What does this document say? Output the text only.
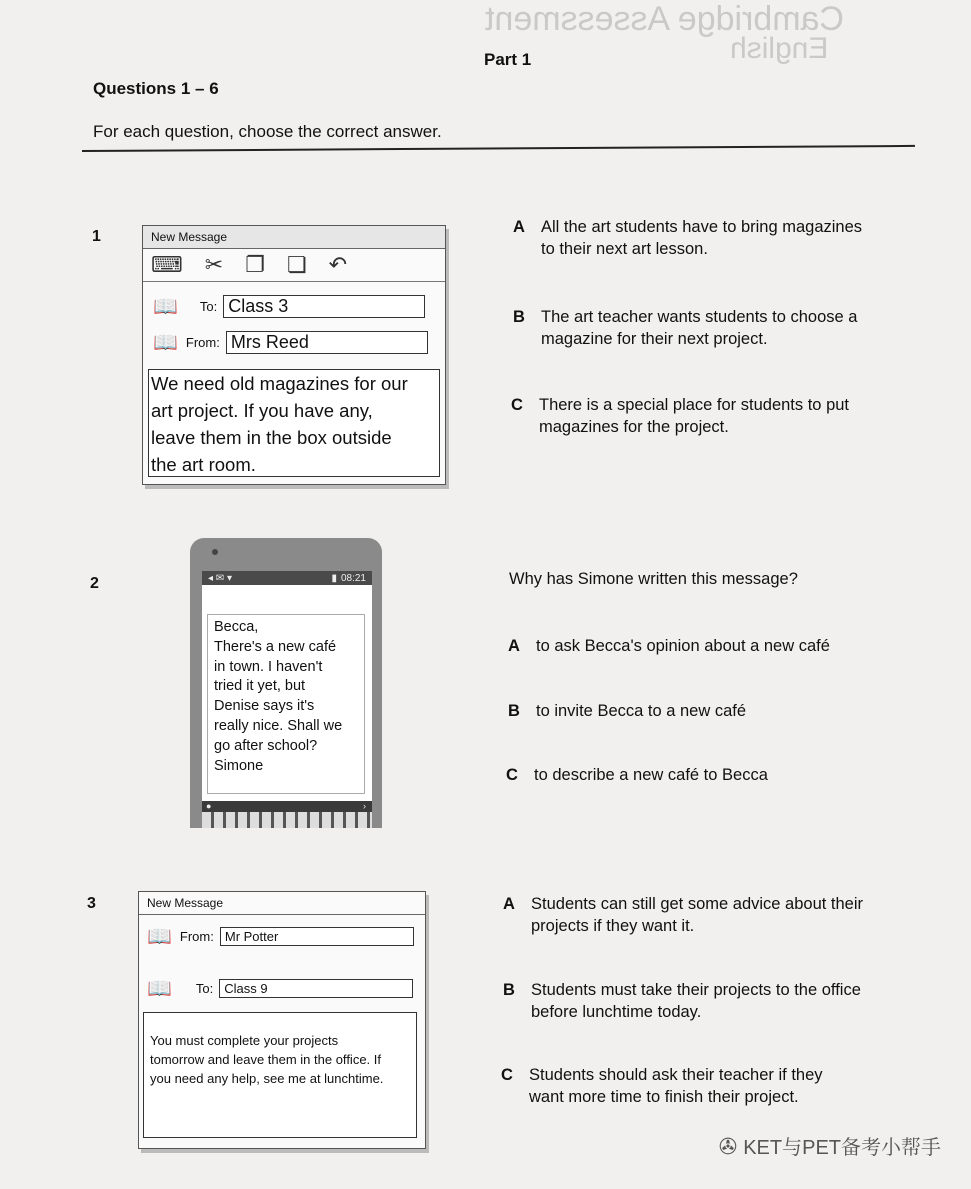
Cambridge Assessment
English
Part 1
Questions 1 – 6
For each question, choose the correct answer.
1	New Message
⌨ ✂ ❐ ❏ ↶
📖 To: Class 3
📖 From: Mrs Reed
We need old magazines for our
art project. If you have any,
leave them in the box outside
the art room.
A All the art students have to bring magazines
to their next art lesson.
B The art teacher wants students to choose a
magazine for their next project.
C There is a special place for students to put
magazines for the project.
2	◂ ✉ ▾	▮ 08:21
Becca,
There's a new café
in town. I haven't
tried it yet, but
Denise says it's
really nice. Shall we
go after school?
Simone
●	›
Why has Simone written this message?
A to ask Becca's opinion about a new café
B to invite Becca to a new café
C to describe a new café to Becca
3	New Message
📖 From: Mr Potter
📖 To: Class 9
You must complete your projects
tomorrow and leave them in the office. If
you need any help, see me at lunchtime.
A Students can still get some advice about their
projects if they want it.
B Students must take their projects to the office
before lunchtime today.
C Students should ask their teacher if they
want more time to finish their project.
✇ KET与PET备考小帮手
